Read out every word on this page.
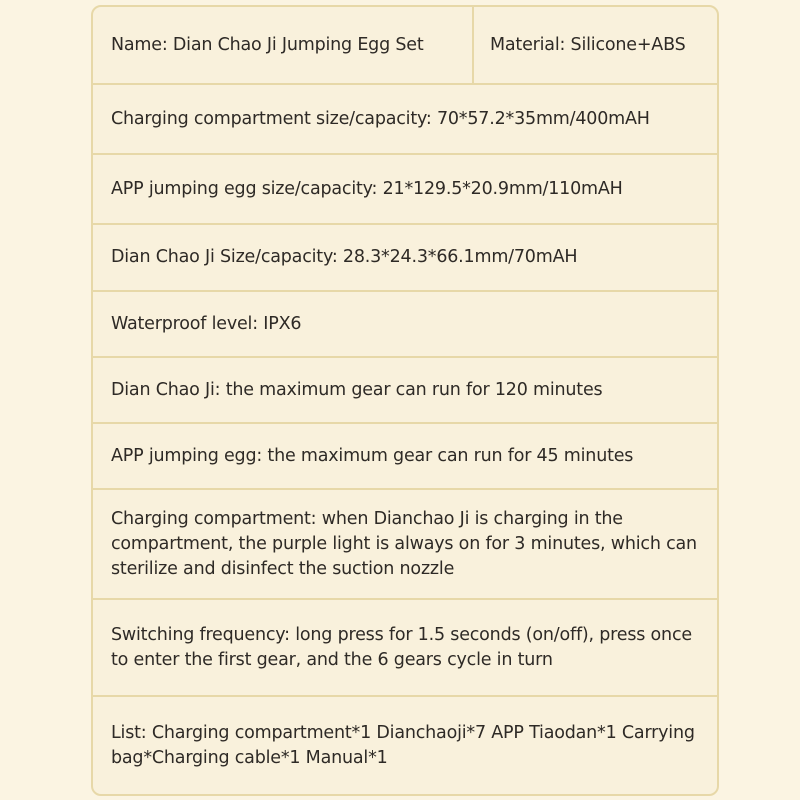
Name: Dian Chao Ji Jumping Egg Set	Material: Silicone+ABS
Charging compartment size/capacity: 70*57.2*35mm/400mAH
APP jumping egg size/capacity: 21*129.5*20.9mm/110mAH
Dian Chao Ji Size/capacity: 28.3*24.3*66.1mm/70mAH
Waterproof level: IPX6
Dian Chao Ji: the maximum gear can run for 120 minutes
APP jumping egg: the maximum gear can run for 45 minutes
Charging compartment: when Dianchao Ji is charging in the compartment, the purple light is always on for 3 minutes, which can sterilize and disinfect the suction nozzle
Switching frequency: long press for 1.5 seconds (on/off), press once to enter the first gear, and the 6 gears cycle in turn
List: Charging compartment*1 Dianchaoji*7 APP Tiaodan*1 Carrying bag*Charging cable*1 Manual*1
